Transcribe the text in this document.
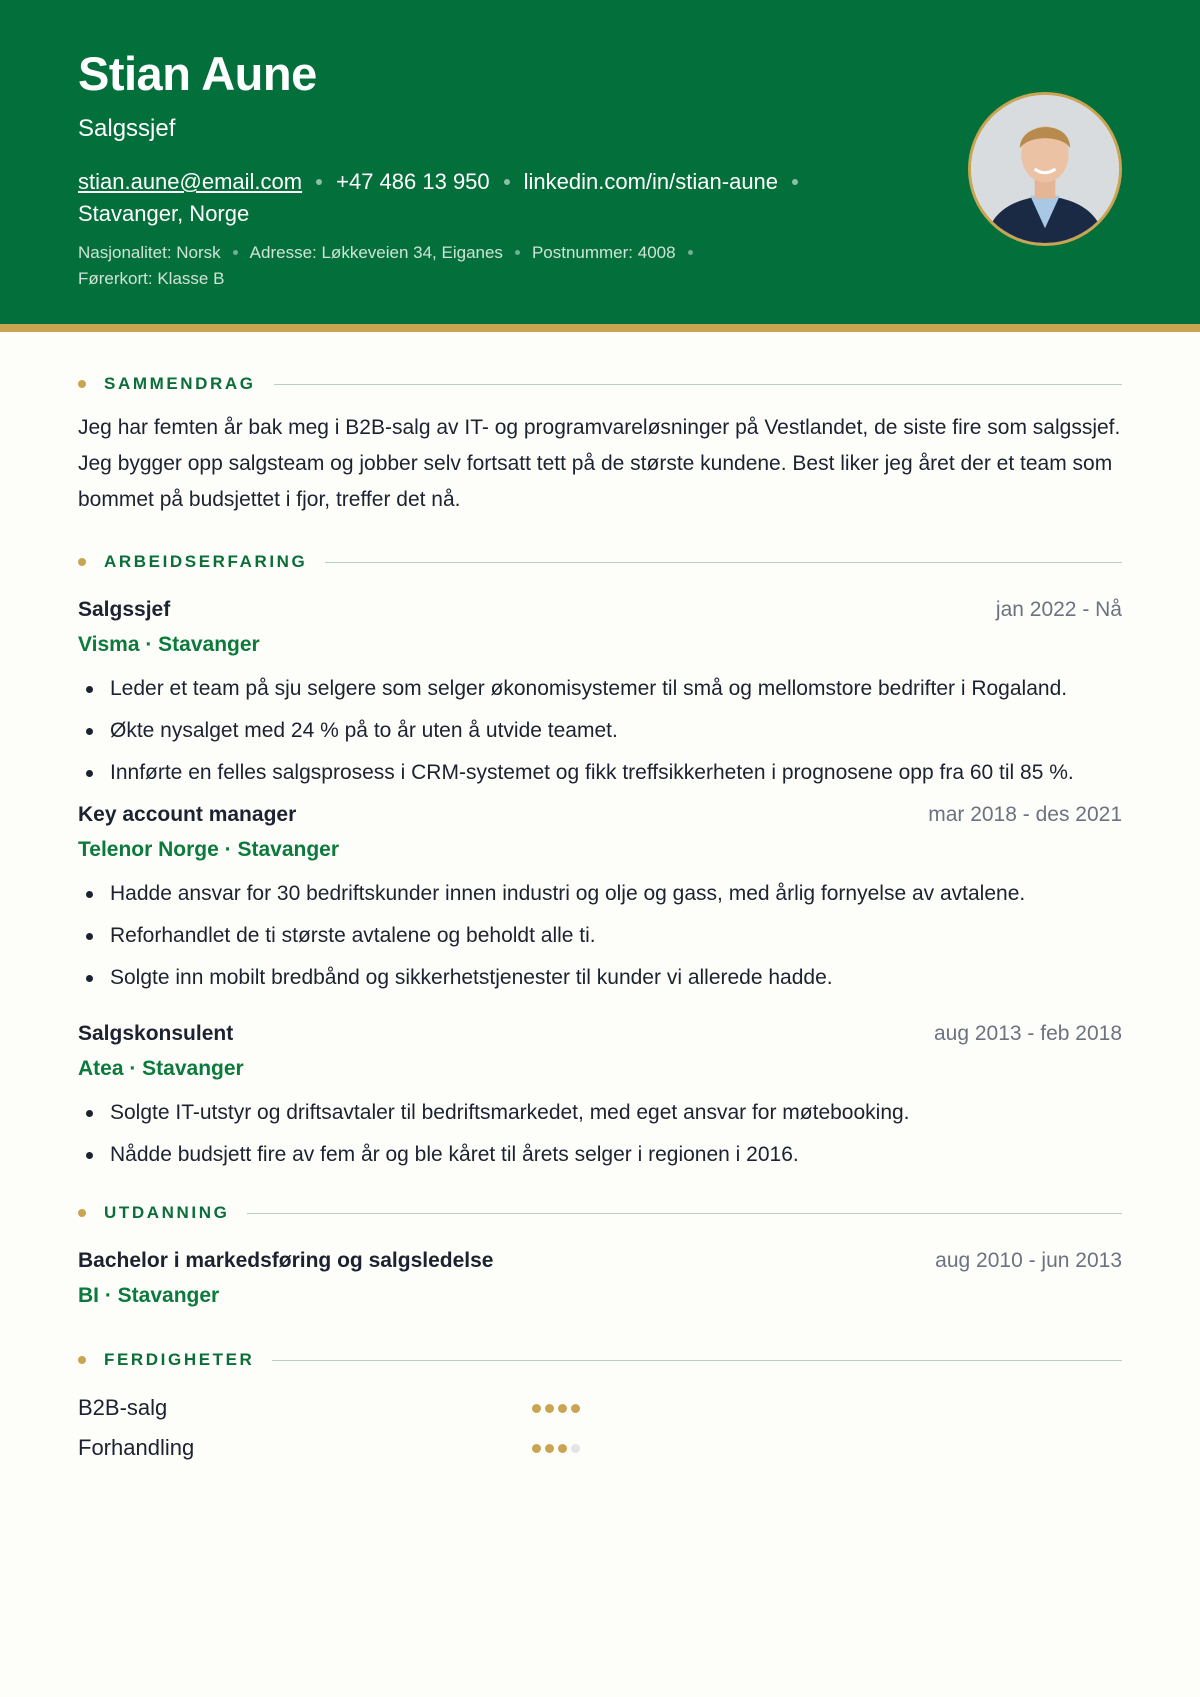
Stian Aune
Salgssjef
stian.aune@email.com +47 486 13 950 linkedin.com/in/stian-aune
Stavanger, Norge
Nasjonalitet: Norsk Adresse: Løkkeveien 34, Eiganes Postnummer: 4008
Førerkort: Klasse B
SAMMENDRAG

Jeg har femten år bak meg i B2B-salg av IT- og programvareløsninger på Vestlandet, de siste fire som salgssjef. Jeg bygger opp salgsteam og jobber selv fortsatt tett på de største kundene. Best liker jeg året der et team som bommet på budsjettet i fjor, treffer det nå.

ARBEIDSERFARING
Salgssjef	jan 2022 - Nå
Visma · Stavanger
Leder et team på sju selgere som selger økonomisystemer til små og mellomstore bedrifter i Rogaland.
Økte nysalget med 24 % på to år uten å utvide teamet.
Innførte en felles salgsprosess i CRM-systemet og fikk treffsikkerheten i prognosene opp fra 60 til 85 %.
Key account manager	mar 2018 - des 2021
Telenor Norge · Stavanger
Hadde ansvar for 30 bedriftskunder innen industri og olje og gass, med årlig fornyelse av avtalene.
Reforhandlet de ti største avtalene og beholdt alle ti.
Solgte inn mobilt bredbånd og sikkerhetstjenester til kunder vi allerede hadde.
Salgskonsulent	aug 2013 - feb 2018
Atea · Stavanger
Solgte IT-utstyr og driftsavtaler til bedriftsmarkedet, med eget ansvar for møtebooking.
Nådde budsjett fire av fem år og ble kåret til årets selger i regionen i 2016.
UTDANNING
Bachelor i markedsføring og salgsledelse	aug 2010 - jun 2013
BI · Stavanger
FERDIGHETER
B2B-salg
Forhandling
